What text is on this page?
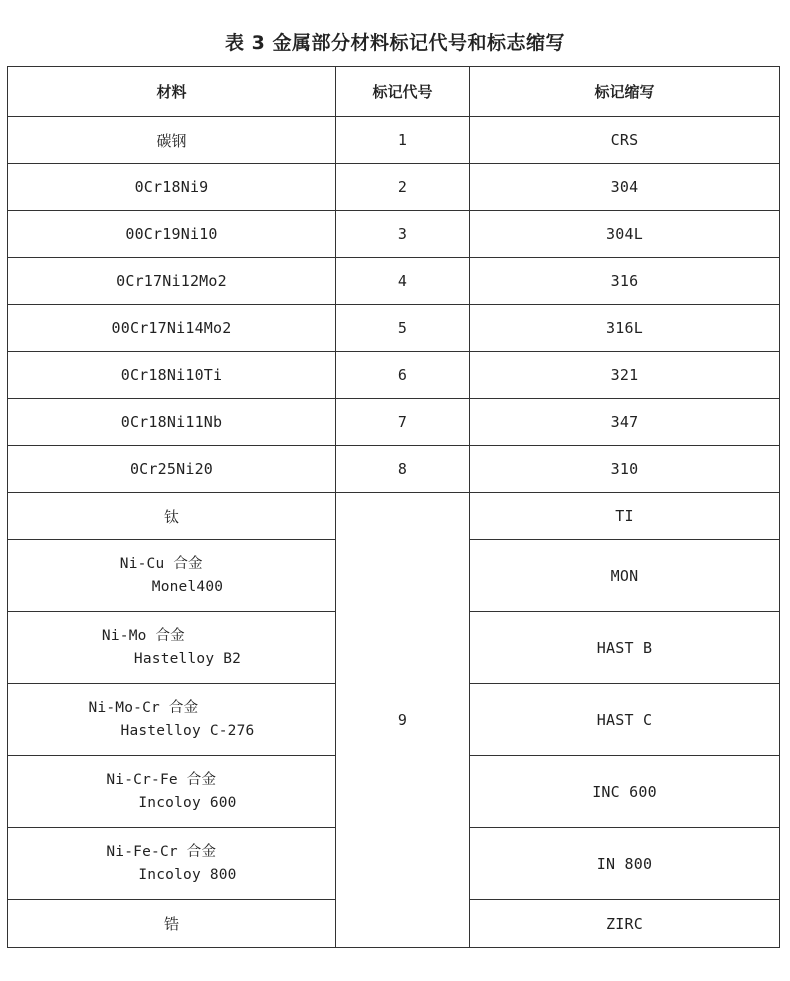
表 3 金属部分材料标记代号和标志缩写
材料	标记代号	标记缩写
碳钢	1	CRS
0Cr18Ni9	2	304
00Cr19Ni10	3	304L
0Cr17Ni12Mo2	4	316
00Cr17Ni14Mo2	5	316L
0Cr18Ni10Ti	6	321
0Cr18Ni11Nb	7	347
0Cr25Ni20	8	310
钛	9	TI
Ni-Cu 合金
Monel400		MON
Ni-Mo 合金
Hastelloy B2		HAST B
Ni-Mo-Cr 合金
Hastelloy C-276		HAST C
Ni-Cr-Fe 合金
Incoloy 600		INC 600
Ni-Fe-Cr 合金
Incoloy 800		IN 800
锆		ZIRC
